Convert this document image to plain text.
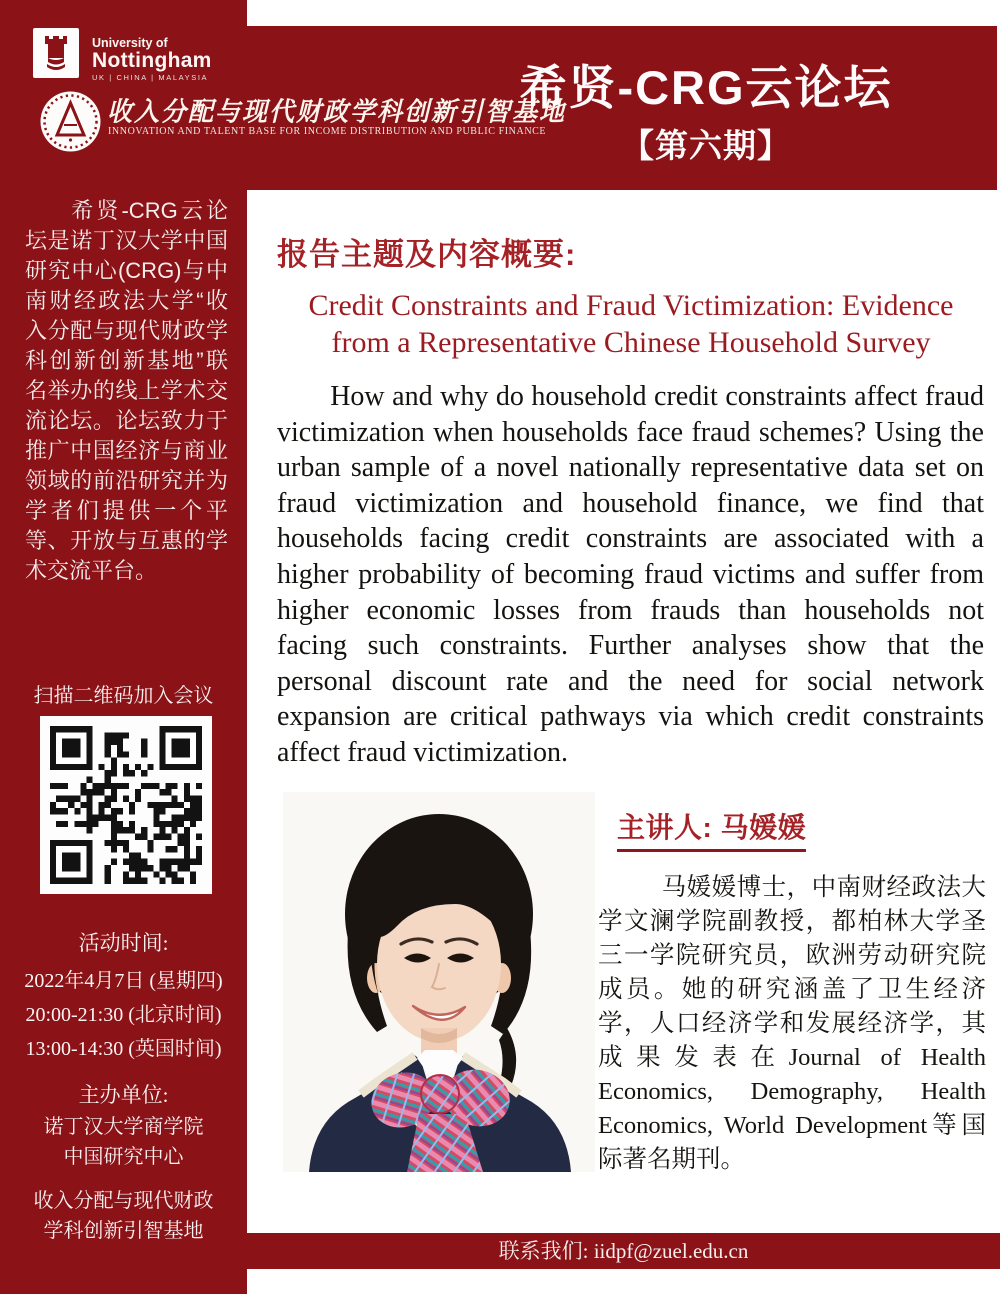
University of
Nottingham
UK | CHINA | MALAYSIA
收入分配与现代财政学科创新引智基地
INNOVATION AND TALENT BASE FOR INCOME DISTRIBUTION AND PUBLIC FINANCE
希贤-CRG云论坛
【第六期】
希贤-CRG云论坛是诺丁汉大学中国研究中心(CRG)与中南财经政法大学“收入分配与现代财政学科创新创新基地”联名举办的线上学术交流论坛。论坛致力于推广中国经济与商业领域的前沿研究并为学者们提供一个平等、开放与互惠的学术交流平台。
扫描二维码加入会议
活动时间:
2022年4月7日 (星期四)
20:00-21:30 (北京时间)
13:00-14:30 (英国时间)
主办单位:
诺丁汉大学商学院
中国研究中心
收入分配与现代财政
学科创新引智基地
报告主题及内容概要:
Credit Constraints and Fraud Victimization: Evidence
from a Representative Chinese Household Survey
How and why do household credit constraints affect fraud victimization when households face fraud schemes? Using the urban sample of a novel nationally representative data set on fraud victimization and household finance, we find that households facing credit constraints are associated with a higher probability of becoming fraud victims and suffer from higher economic losses from frauds than households not facing such constraints. Further analyses show that the personal discount rate and the need for social network expansion are critical pathways via which credit constraints affect fraud victimization.
主讲人: 马媛媛
马媛媛博士，中南财经政法大学文澜学院副教授，都柏林大学圣三一学院研究员，欧洲劳动研究院成员。她的研究涵盖了卫生经济学，人口经济学和发展经济学，其成果发表在Journal of Health Economics, Demography, Health Economics, World Development等国际著名期刊。
联系我们: iidpf@zuel.edu.cn
